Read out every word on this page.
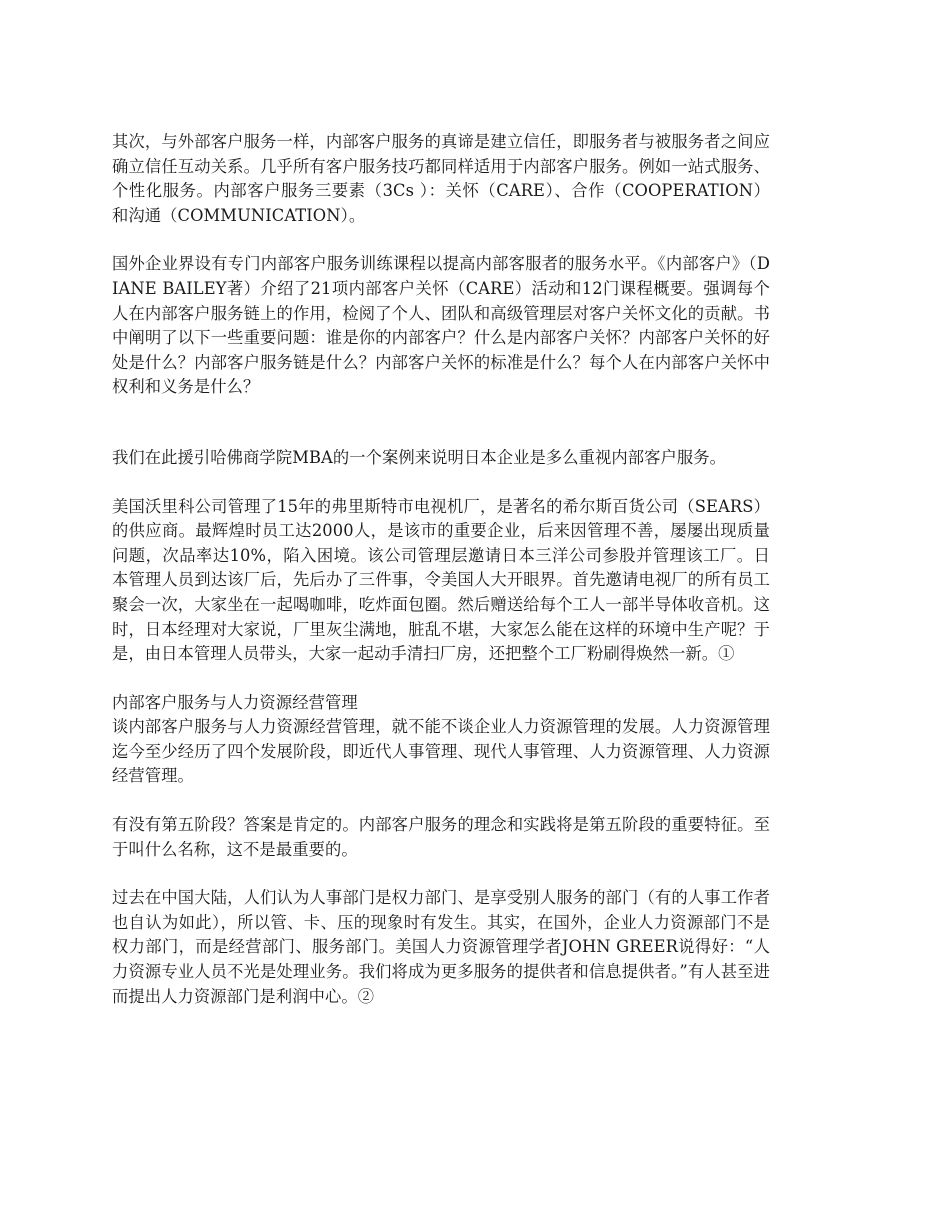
其次，与外部客户服务一样，内部客户服务的真谛是建立信任，即服务者与被服务者之间应确立信任互动关系。几乎所有客户服务技巧都同样适用于内部客户服务。例如一站式服务、个性化服务。内部客户服务三要素（3Cs ）：关怀（CARE）、合作（COOPERATION）和沟通（COMMUNICATION）。

国外企业界设有专门内部客户服务训练课程以提高内部客服者的服务水平。《内部客户》（DIANE BAILEY著）介绍了21项内部客户关怀（CARE）活动和12门课程概要。强调每个人在内部客户服务链上的作用，检阅了个人、团队和高级管理层对客户关怀文化的贡献。书中阐明了以下一些重要问题：谁是你的内部客户？什么是内部客户关怀？内部客户关怀的好处是什么？内部客户服务链是什么？内部客户关怀的标准是什么？每个人在内部客户关怀中权利和义务是什么？

我们在此援引哈佛商学院MBA的一个案例来说明日本企业是多么重视内部客户服务。

美国沃里科公司管理了15年的弗里斯特市电视机厂，是著名的希尔斯百货公司（SEARS）的供应商。最辉煌时员工达2000人，是该市的重要企业，后来因管理不善，屡屡出现质量问题，次品率达10%，陷入困境。该公司管理层邀请日本三洋公司参股并管理该工厂。日本管理人员到达该厂后，先后办了三件事，令美国人大开眼界。首先邀请电视厂的所有员工聚会一次，大家坐在一起喝咖啡，吃炸面包圈。然后赠送给每个工人一部半导体收音机。这时，日本经理对大家说，厂里灰尘满地，脏乱不堪，大家怎么能在这样的环境中生产呢？于是，由日本管理人员带头，大家一起动手清扫厂房，还把整个工厂粉刷得焕然一新。①

内部客户服务与人力资源经营管理

谈内部客户服务与人力资源经营管理，就不能不谈企业人力资源管理的发展。人力资源管理迄今至少经历了四个发展阶段，即近代人事管理、现代人事管理、人力资源管理、人力资源经营管理。

有没有第五阶段？答案是肯定的。内部客户服务的理念和实践将是第五阶段的重要特征。至于叫什么名称，这不是最重要的。

过去在中国大陆，人们认为人事部门是权力部门、是享受别人服务的部门（有的人事工作者也自认为如此），所以管、卡、压的现象时有发生。其实，在国外，企业人力资源部门不是权力部门，而是经营部门、服务部门。美国人力资源管理学者JOHN GREER说得好：“人力资源专业人员不光是处理业务。我们将成为更多服务的提供者和信息提供者。”有人甚至进而提出人力资源部门是利润中心。②
